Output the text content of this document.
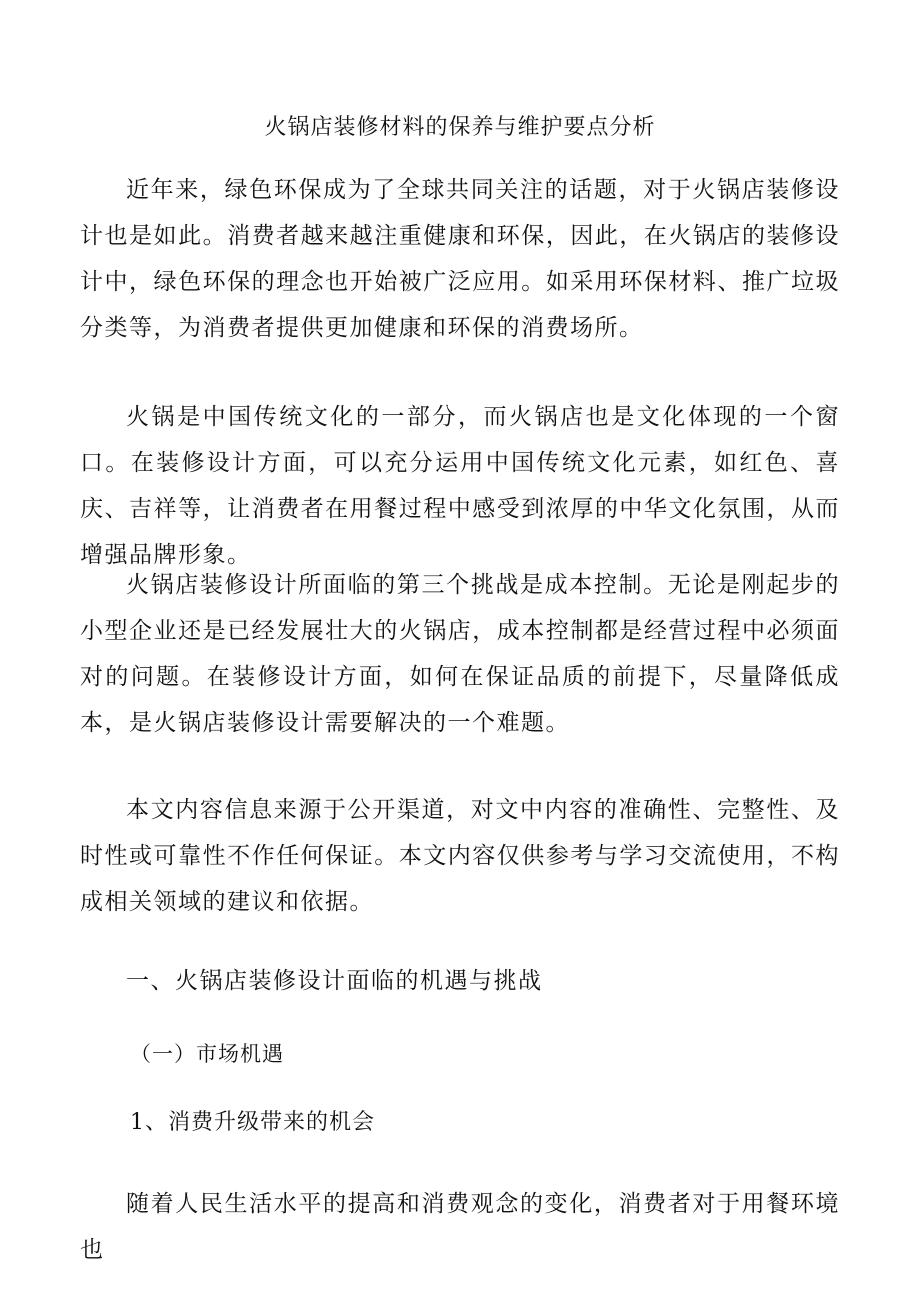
火锅店装修材料的保养与维护要点分析

近年来，绿色环保成为了全球共同关注的话题，对于火锅店装修设计也是如此。消费者越来越注重健康和环保，因此，在火锅店的装修设计中，绿色环保的理念也开始被广泛应用。如采用环保材料、推广垃圾分类等，为消费者提供更加健康和环保的消费场所。

火锅是中国传统文化的一部分，而火锅店也是文化体现的一个窗口。在装修设计方面，可以充分运用中国传统文化元素，如红色、喜庆、吉祥等，让消费者在用餐过程中感受到浓厚的中华文化氛围，从而增强品牌形象。

火锅店装修设计所面临的第三个挑战是成本控制。无论是刚起步的小型企业还是已经发展壮大的火锅店，成本控制都是经营过程中必须面对的问题。在装修设计方面，如何在保证品质的前提下，尽量降低成本，是火锅店装修设计需要解决的一个难题。

本文内容信息来源于公开渠道，对文中内容的准确性、完整性、及时性或可靠性不作任何保证。本文内容仅供参考与学习交流使用，不构成相关领域的建议和依据。

一、火锅店装修设计面临的机遇与挑战
（一）市场机遇
1、消费升级带来的机会

随着人民生活水平的提高和消费观念的变化，消费者对于用餐环境也
